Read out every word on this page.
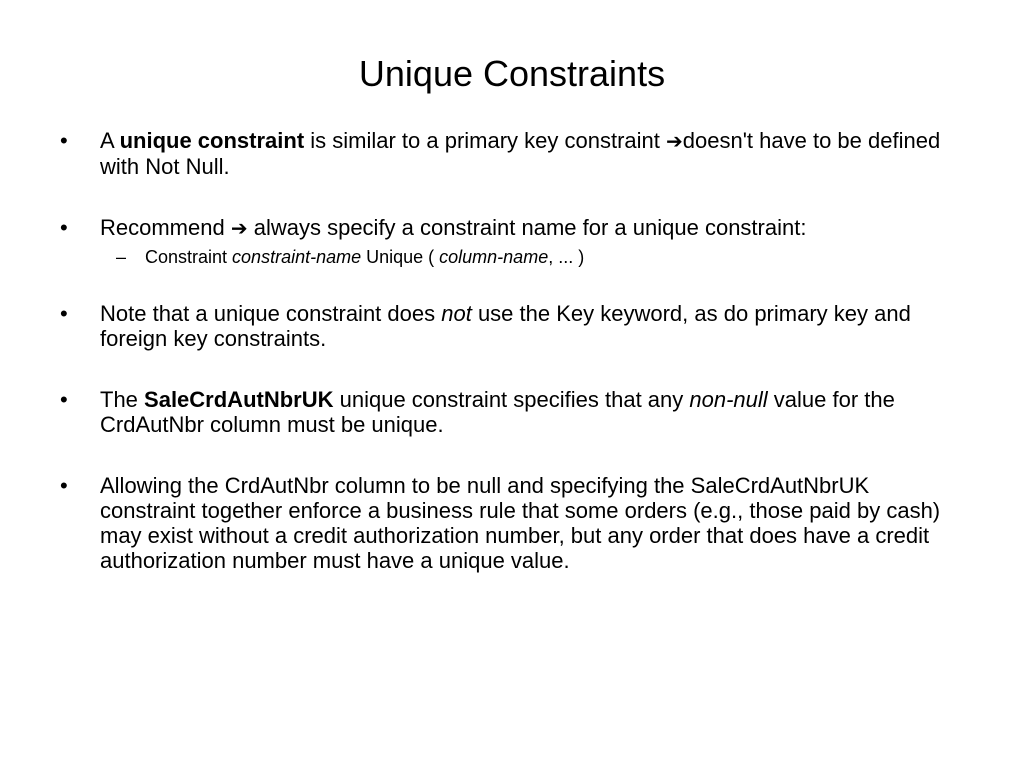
Unique Constraints
•	A unique constraint is similar to a primary key constraint ➔doesn't have to be defined with Not Null.
•	Recommend ➔ always specify a constraint name for a unique constraint:
– Constraint constraint-name Unique ( column-name, ... )
•	Note that a unique constraint does not use the Key keyword, as do primary key and foreign key constraints.
•	The SaleCrdAutNbrUK unique constraint specifies that any non-null value for the CrdAutNbr column must be unique.
•	Allowing the CrdAutNbr column to be null and specifying the SaleCrdAutNbrUK constraint together enforce a business rule that some orders (e.g., those paid by cash) may exist without a credit authorization number, but any order that does have a credit authorization number must have a unique value.
